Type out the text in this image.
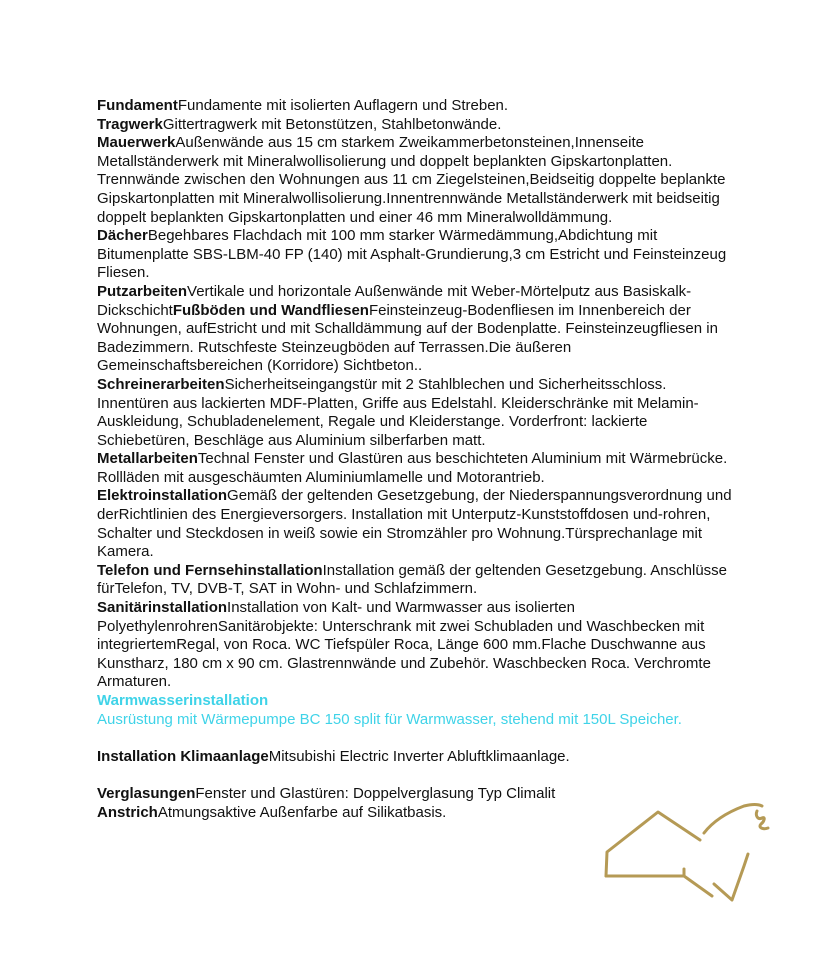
FundamentFundamente mit isolierten Auflagern und Streben.

TragwerkGittertragwerk mit Betonstützen, Stahlbetonwände.

MauerwerkAußenwände aus 15 cm starkem Zweikammerbetonsteinen,Innenseite Metallständerwerk mit Mineralwollisolierung und doppelt beplankten Gipskartonplatten. Trennwände zwischen den Wohnungen aus 11 cm Ziegelsteinen,Beidseitig doppelte beplankte Gipskartonplatten mit Mineralwollisolierung.Innentrennwände Metallständerwerk mit beidseitig doppelt beplankten Gipskartonplatten und einer 46 mm Mineralwolldämmung.

DächerBegehbares Flachdach mit 100 mm starker Wärmedämmung,Abdichtung mit Bitumenplatte SBS-LBM-40 FP (140) mit Asphalt-Grundierung,3 cm Estricht und Feinsteinzeug Fliesen.

PutzarbeitenVertikale und horizontale Außenwände mit Weber-Mörtelputz aus Basiskalk-DickschichtFußböden und WandfliesenFeinsteinzeug-Bodenfliesen im Innenbereich der Wohnungen, aufEstricht und mit Schalldämmung auf der Bodenplatte. Feinsteinzeugfliesen in Badezimmern. Rutschfeste Steinzeugböden auf Terrassen.Die äußeren Gemeinschaftsbereichen (Korridore) Sichtbeton..

SchreinerarbeitenSicherheitseingangstür mit 2 Stahlblechen und Sicherheitsschloss. Innentüren aus lackierten MDF-Platten, Griffe aus Edelstahl. Kleiderschränke mit Melamin-Auskleidung, Schubladenelement, Regale und Kleiderstange. Vorderfront: lackierte Schiebetüren, Beschläge aus Aluminium silberfarben matt.

MetallarbeitenTechnal Fenster und Glastüren aus beschichteten Aluminium mit Wärmebrücke. Rollläden mit ausgeschäumten Aluminiumlamelle und Motorantrieb.

ElektroinstallationGemäß der geltenden Gesetzgebung, der Niederspannungsverordnung und derRichtlinien des Energieversorgers. Installation mit Unterputz-Kunststoffdosen und-rohren, Schalter und Steckdosen in weiß sowie ein Stromzähler pro Wohnung.Türsprechanlage mit Kamera.

Telefon und FernsehinstallationInstallation gemäß der geltenden Gesetzgebung. Anschlüsse fürTelefon, TV, DVB-T, SAT in Wohn- und Schlafzimmern.

SanitärinstallationInstallation von Kalt- und Warmwasser aus isolierten PolyethylenrohrenSanitärobjekte: Unterschrank mit zwei Schubladen und Waschbecken mit integriertemRegal, von Roca. WC Tiefspüler Roca, Länge 600 mm.Flache Duschwanne aus Kunstharz, 180 cm x 90 cm. Glastrennwände und Zubehör. Waschbecken Roca. Verchromte Armaturen.

Warmwasserinstallation

Ausrüstung mit Wärmepumpe BC 150 split für Warmwasser, stehend mit 150L Speicher.

Installation KlimaanlageMitsubishi Electric Inverter Abluftklimaanlage.

VerglasungenFenster und Glastüren: Doppelverglasung Typ Climalit

AnstrichAtmungsaktive Außenfarbe auf Silikatbasis.
